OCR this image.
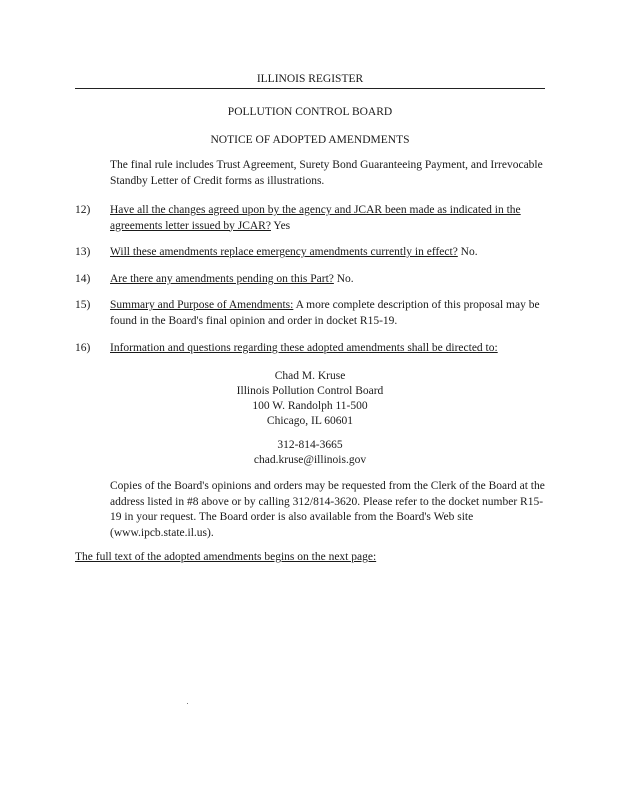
ILLINOIS REGISTER
POLLUTION CONTROL BOARD
NOTICE OF ADOPTED AMENDMENTS
The final rule includes Trust Agreement, Surety Bond Guaranteeing Payment, and Irrevocable Standby Letter of Credit forms as illustrations.
12) Have all the changes agreed upon by the agency and JCAR been made as indicated in the agreements letter issued by JCAR? Yes
13) Will these amendments replace emergency amendments currently in effect? No.
14) Are there any amendments pending on this Part? No.
15) Summary and Purpose of Amendments: A more complete description of this proposal may be found in the Board's final opinion and order in docket R15-19.
16) Information and questions regarding these adopted amendments shall be directed to:
Chad M. Kruse
Illinois Pollution Control Board
100 W. Randolph 11-500
Chicago, IL 60601
312-814-3665
chad.kruse@illinois.gov
Copies of the Board's opinions and orders may be requested from the Clerk of the Board at the address listed in #8 above or by calling 312/814-3620. Please refer to the docket number R15-19 in your request. The Board order is also available from the Board's Web site (www.ipcb.state.il.us).
The full text of the adopted amendments begins on the next page:
